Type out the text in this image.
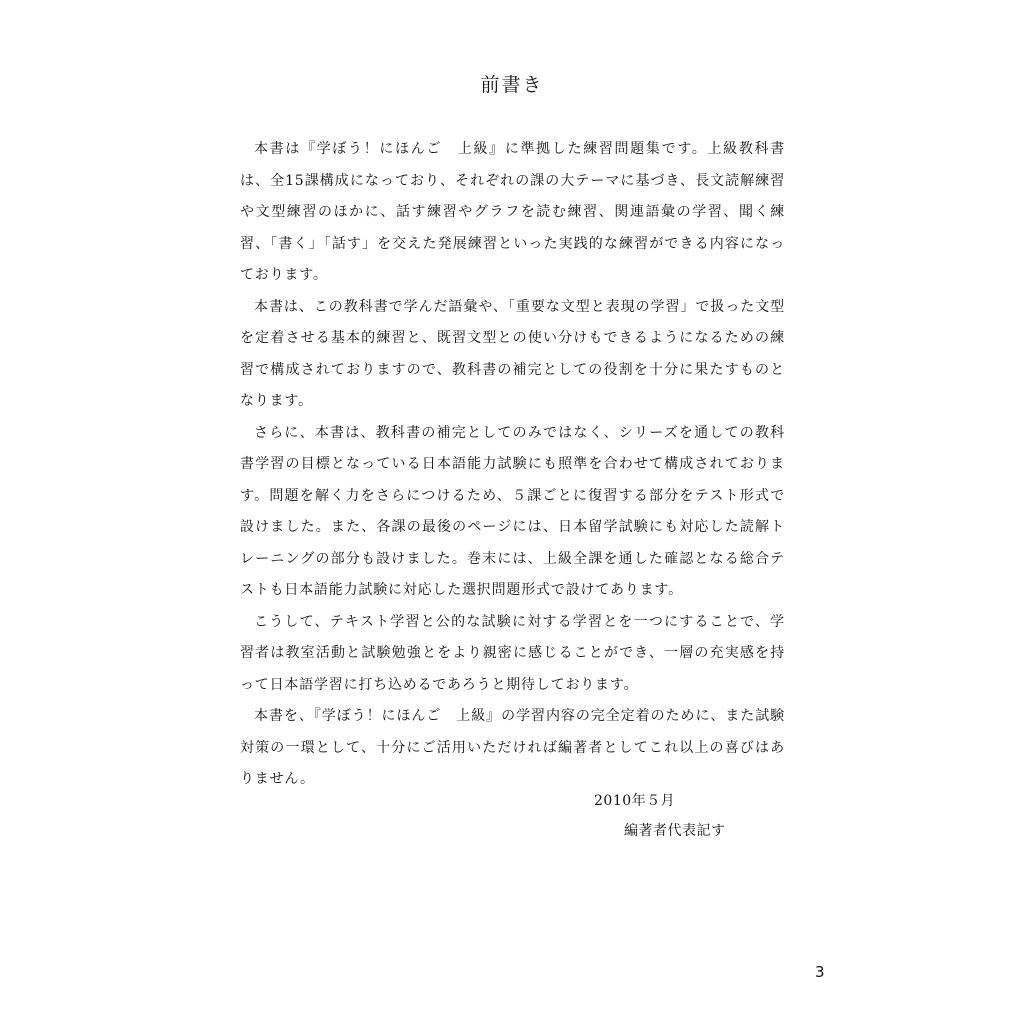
前書き

本書は『学ぼう！にほんご　上級』に準拠した練習問題集です。上級教科書は、全15課構成になっており、それぞれの課の大テーマに基づき、長文読解練習や文型練習のほかに、話す練習やグラフを読む練習、関連語彙の学習、聞く練習、「書く」「話す」を交えた発展練習といった実践的な練習ができる内容になっております。

本書は、この教科書で学んだ語彙や、「重要な文型と表現の学習」で扱った文型を定着させる基本的練習と、既習文型との使い分けもできるようになるための練習で構成されておりますので、教科書の補完としての役割を十分に果たすものとなります。

さらに、本書は、教科書の補完としてのみではなく、シリーズを通しての教科書学習の目標となっている日本語能力試験にも照準を合わせて構成されております。問題を解く力をさらにつけるため、５課ごとに復習する部分をテスト形式で設けました。また、各課の最後のページには、日本留学試験にも対応した読解トレーニングの部分も設けました。巻末には、上級全課を通した確認となる総合テストも日本語能力試験に対応した選択問題形式で設けてあります。

こうして、テキスト学習と公的な試験に対する学習とを一つにすることで、学習者は教室活動と試験勉強とをより親密に感じることができ、一層の充実感を持って日本語学習に打ち込めるであろうと期待しております。

本書を、『学ぼう！にほんご　上級』の学習内容の完全定着のために、また試験対策の一環として、十分にご活用いただければ編著者としてこれ以上の喜びはありません。

2010年５月

編著者代表記す

3
